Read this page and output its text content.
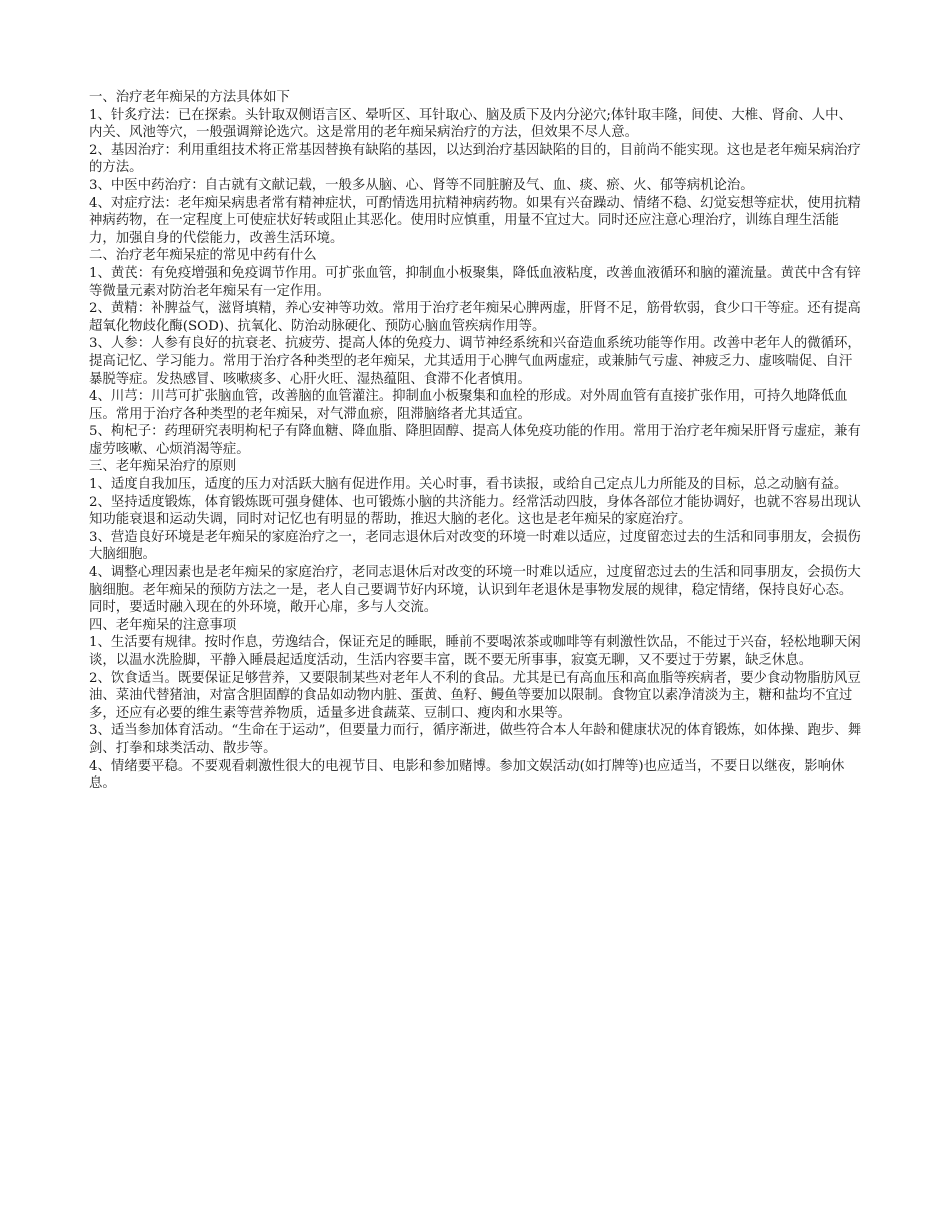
一、治疗老年痴呆的方法具体如下
1、针炙疗法：已在探索。头针取双侧语言区、晕听区、耳针取心、脑及质下及内分泌穴;体针取丰隆，间使、大椎、肾俞、人中、内关、风池等穴，一般强调辩论选穴。这是常用的老年痴呆病治疗的方法，但效果不尽人意。
2、基因治疗：利用重组技术将正常基因替换有缺陷的基因，以达到治疗基因缺陷的目的，目前尚不能实现。这也是老年痴呆病治疗的方法。
3、中医中药治疗：自古就有文献记载，一般多从脑、心、肾等不同脏腑及气、血、痰、瘀、火、郁等病机论治。
4、对症疗法：老年痴呆病患者常有精神症状，可酌情选用抗精神病药物。如果有兴奋躁动、情绪不稳、幻觉妄想等症状，使用抗精神病药物，在一定程度上可使症状好转或阻止其恶化。使用时应慎重，用量不宜过大。同时还应注意心理治疗，训练自理生活能力，加强自身的代偿能力，改善生活环境。
二、治疗老年痴呆症的常见中药有什么
1、黄芪：有免疫增强和免疫调节作用。可扩张血管，抑制血小板聚集，降低血液粘度，改善血液循环和脑的灌流量。黄芪中含有锌等微量元素对防治老年痴呆有一定作用。
2、黄精：补脾益气，滋肾填精，养心安神等功效。常用于治疗老年痴呆心脾两虚，肝肾不足，筋骨软弱，食少口干等症。还有提高超氧化物歧化酶(SOD)、抗氧化、防治动脉硬化、预防心脑血管疾病作用等。
3、人参：人参有良好的抗衰老、抗疲劳、提高人体的免疫力、调节神经系统和兴奋造血系统功能等作用。改善中老年人的微循环，提高记忆、学习能力。常用于治疗各种类型的老年痴呆，尤其适用于心脾气血两虚症，或兼肺气亏虚、神疲乏力、虚咳喘促、自汗暴脱等症。发热感冒、咳嗽痰多、心肝火旺、湿热蕴阻、食滞不化者慎用。
4、川芎：川芎可扩张脑血管，改善脑的血管灌注。抑制血小板聚集和血栓的形成。对外周血管有直接扩张作用，可持久地降低血压。常用于治疗各种类型的老年痴呆，对气滞血瘀，阻滞脑络者尤其适宜。
5、枸杞子：药理研究表明枸杞子有降血糖、降血脂、降胆固醇、提高人体免疫功能的作用。常用于治疗老年痴呆肝肾亏虚症，兼有虚劳咳嗽、心烦消渴等症。
三、老年痴呆治疗的原则
1、适度自我加压，适度的压力对活跃大脑有促进作用。关心时事，看书读报，或给自己定点儿力所能及的目标，总之动脑有益。
2、坚持适度锻炼，体育锻炼既可强身健体、也可锻炼小脑的共济能力。经常活动四肢，身体各部位才能协调好，也就不容易出现认知功能衰退和运动失调，同时对记忆也有明显的帮助，推迟大脑的老化。这也是老年痴呆的家庭治疗。
3、营造良好环境是老年痴呆的家庭治疗之一，老同志退休后对改变的环境一时难以适应，过度留恋过去的生活和同事朋友，会损伤大脑细胞。
4、调整心理因素也是老年痴呆的家庭治疗，老同志退休后对改变的环境一时难以适应，过度留恋过去的生活和同事朋友，会损伤大脑细胞。老年痴呆的预防方法之一是，老人自己要调节好内环境，认识到年老退休是事物发展的规律，稳定情绪，保持良好心态。同时，要适时融入现在的外环境，敞开心扉，多与人交流。
四、老年痴呆的注意事项
1、生活要有规律。按时作息，劳逸结合，保证充足的睡眠，睡前不要喝浓茶或咖啡等有刺激性饮品，不能过于兴奋，轻松地聊天闲谈，以温水洗脸脚，平静入睡晨起适度活动，生活内容要丰富，既不要无所事事，寂寞无聊，又不要过于劳累，缺乏休息。
2、饮食适当。既要保证足够营养，又要限制某些对老年人不利的食品。尤其是已有高血压和高血脂等疾病者，要少食动物脂肪风豆油、菜油代替猪油，对富含胆固醇的食品如动物内脏、蛋黄、鱼籽、鳗鱼等要加以限制。食物宜以素净清淡为主，糖和盐均不宜过多，还应有必要的维生素等营养物质，适量多进食蔬菜、豆制口、瘦肉和水果等。
3、适当参加体育活动。“生命在于运动”，但要量力而行，循序渐进，做些符合本人年龄和健康状况的体育锻炼，如体操、跑步、舞剑、打拳和球类活动、散步等。
4、情绪要平稳。不要观看刺激性很大的电视节目、电影和参加赌博。参加文娱活动(如打牌等)也应适当，不要日以继夜，影响休息。
